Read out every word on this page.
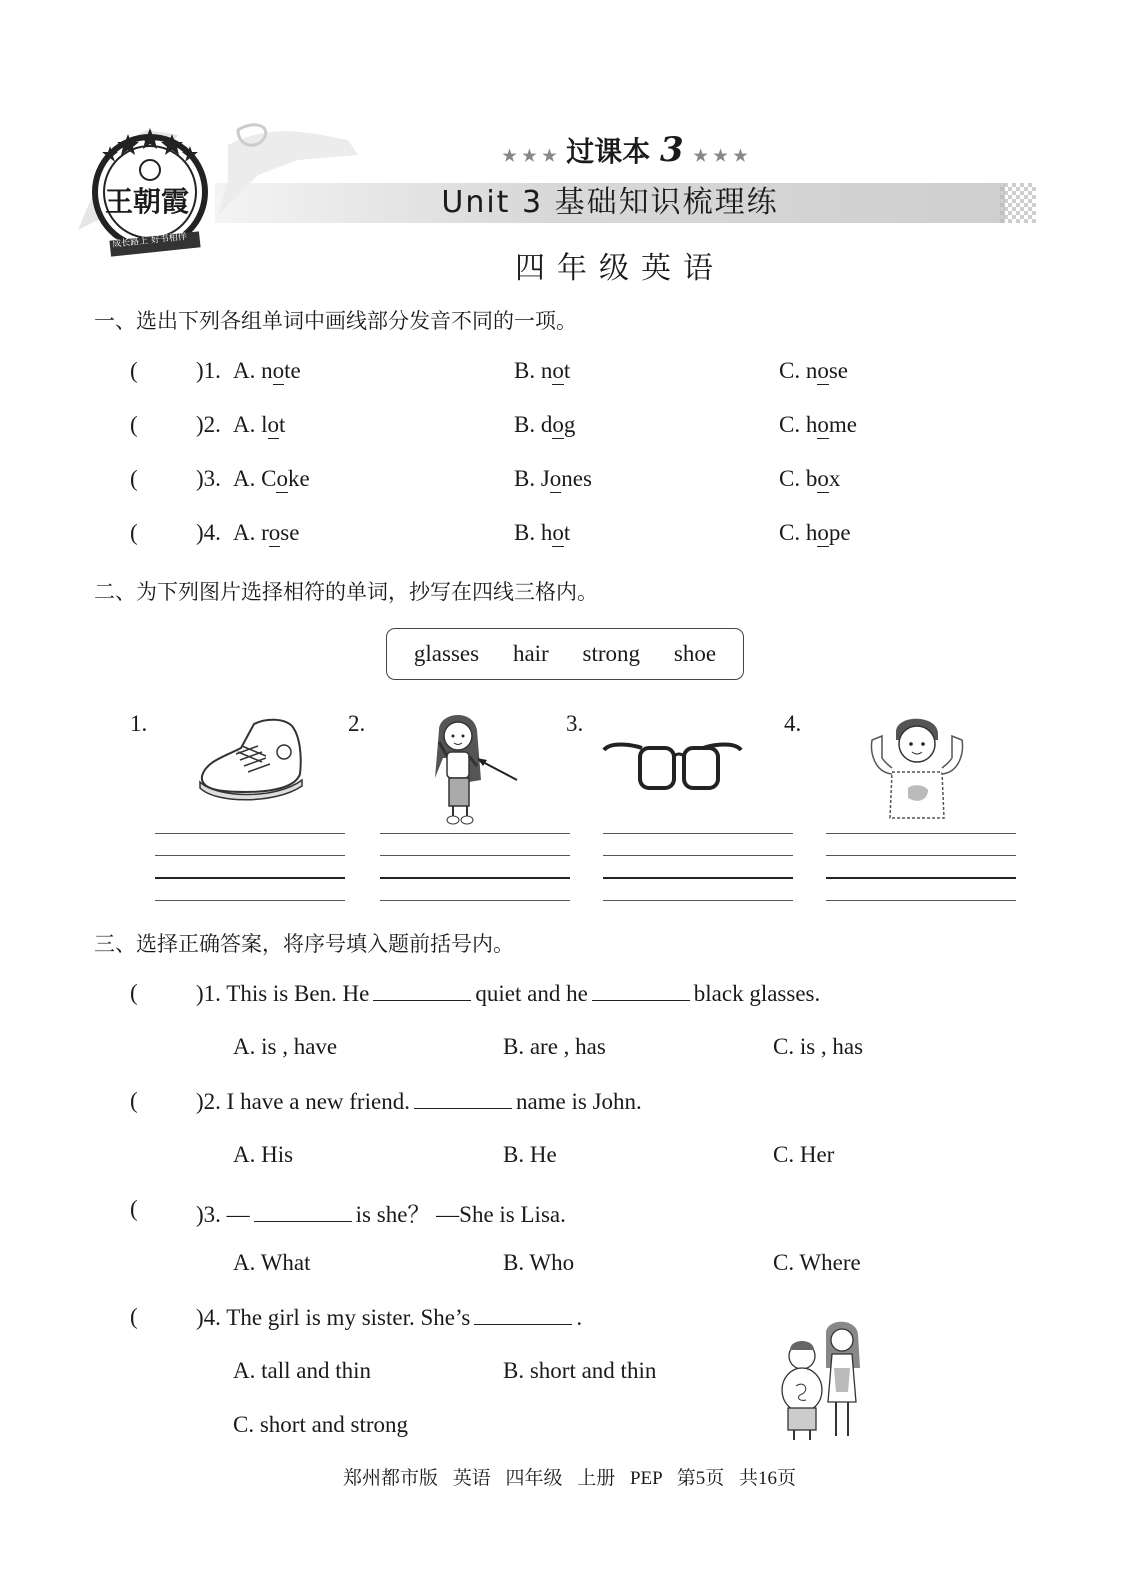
王朝霞
成长路上 好书相伴
★ ★ ★ 过课本 3 ★ ★ ★
Unit 3 基础知识梳理练
四年级英语
一、选出下列各组单词中画线部分发音不同的一项。
(	)1. A. note	B. not	C. nose
(	)2. A. lot	B. dog	C. home
(	)3. A. Coke	B. Jones	C. box
(	)4. A. rose	B. hot	C. hope
二、为下列图片选择相符的单词，抄写在四线三格内。
glasses hair strong shoe
1.	2.	3.	4.
三、选择正确答案，将序号填入题前括号内。
(	)1. This is Ben. He	quiet and he	black glasses.
A. is , have	B. are , has	C. is , has
(	)2. I have a new friend.	name is John.
A. His	B. He	C. Her
(	)3. —	is she？ —She is Lisa.
A. What	B. Who	C. Where
(	)4. The girl is my sister. She’s	.
A. tall and thin	B. short and thin
C. short and strong
郑州都市版 英语 四年级 上册 PEP 第5页 共16页
